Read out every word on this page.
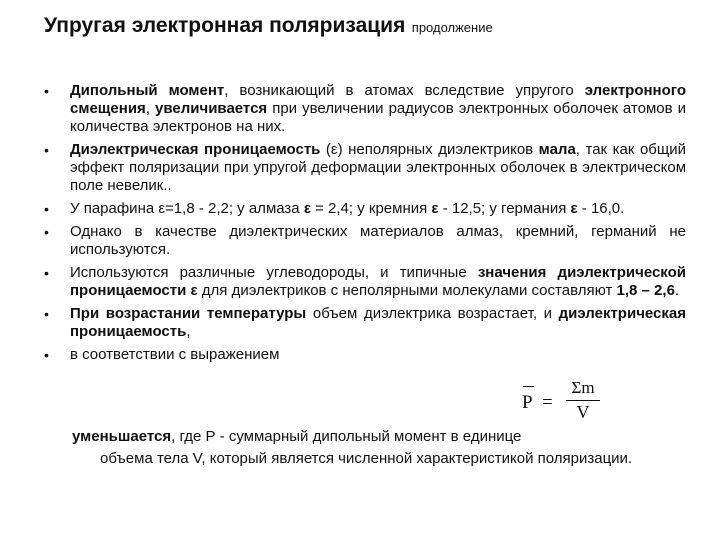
Упругая электронная поляризация продолжение
•	Дипольный момент, возникающий в атомах вследствие упругого электронного смещения, увеличивается при увеличении радиусов электронных оболочек атомов и количества электронов на них.
•	Диэлектрическая проницаемость (ε) неполярных диэлектриков мала, так как общий эффект поляризации при упругой деформации электронных оболочек в электрическом поле невелик..
•	У парафина ε=1,8 - 2,2; у алмаза ε = 2,4; у кремния ε - 12,5; у германия ε - 16,0.
•	Однако в качестве диэлектрических материалов алмаз, кремний, германий не используются.
•	Используются различные углеводороды, и типичные значения диэлектрической проницаемости ε для диэлектриков с неполярными молекулами составляют 1,8 – 2,6.
•	При возрастании температуры объем диэлектрика возрастает, и диэлектрическая проницаемость,
•	в соответствии с выражением
P =
Σm
V

уменьшается, где Р - суммарный дипольный момент в единице

объема тела V, который является численной характеристикой поляризации.
